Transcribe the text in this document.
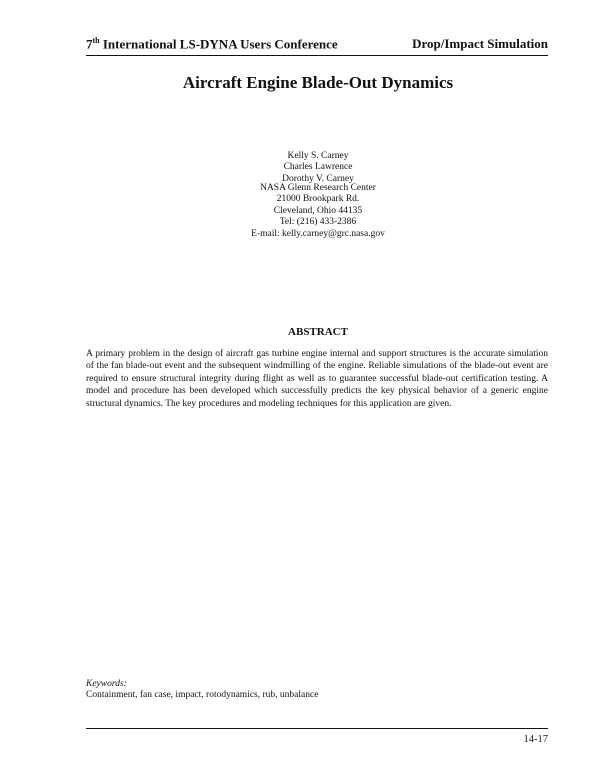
7th International LS-DYNA Users Conference	Drop/Impact Simulation
Aircraft Engine Blade-Out Dynamics
Kelly S. Carney
Charles Lawrence
Dorothy V. Carney
NASA Glenn Research Center
21000 Brookpark Rd.
Cleveland, Ohio 44135
Tel: (216) 433-2386
E-mail: kelly.carney@grc.nasa.gov
ABSTRACT
A primary problem in the design of aircraft gas turbine engine internal and support structures is the accurate simulation of the fan blade-out event and the subsequent windmilling of the engine. Reliable simulations of the blade-out event are required to ensure structural integrity during flight as well as to guarantee successful blade-out certification testing. A model and procedure has been developed which successfully predicts the key physical behavior of a generic engine structural dynamics. The key procedures and modeling techniques for this application are given.
Keywords:
Containment, fan case, impact, rotodynamics, rub, unbalance
14-17
